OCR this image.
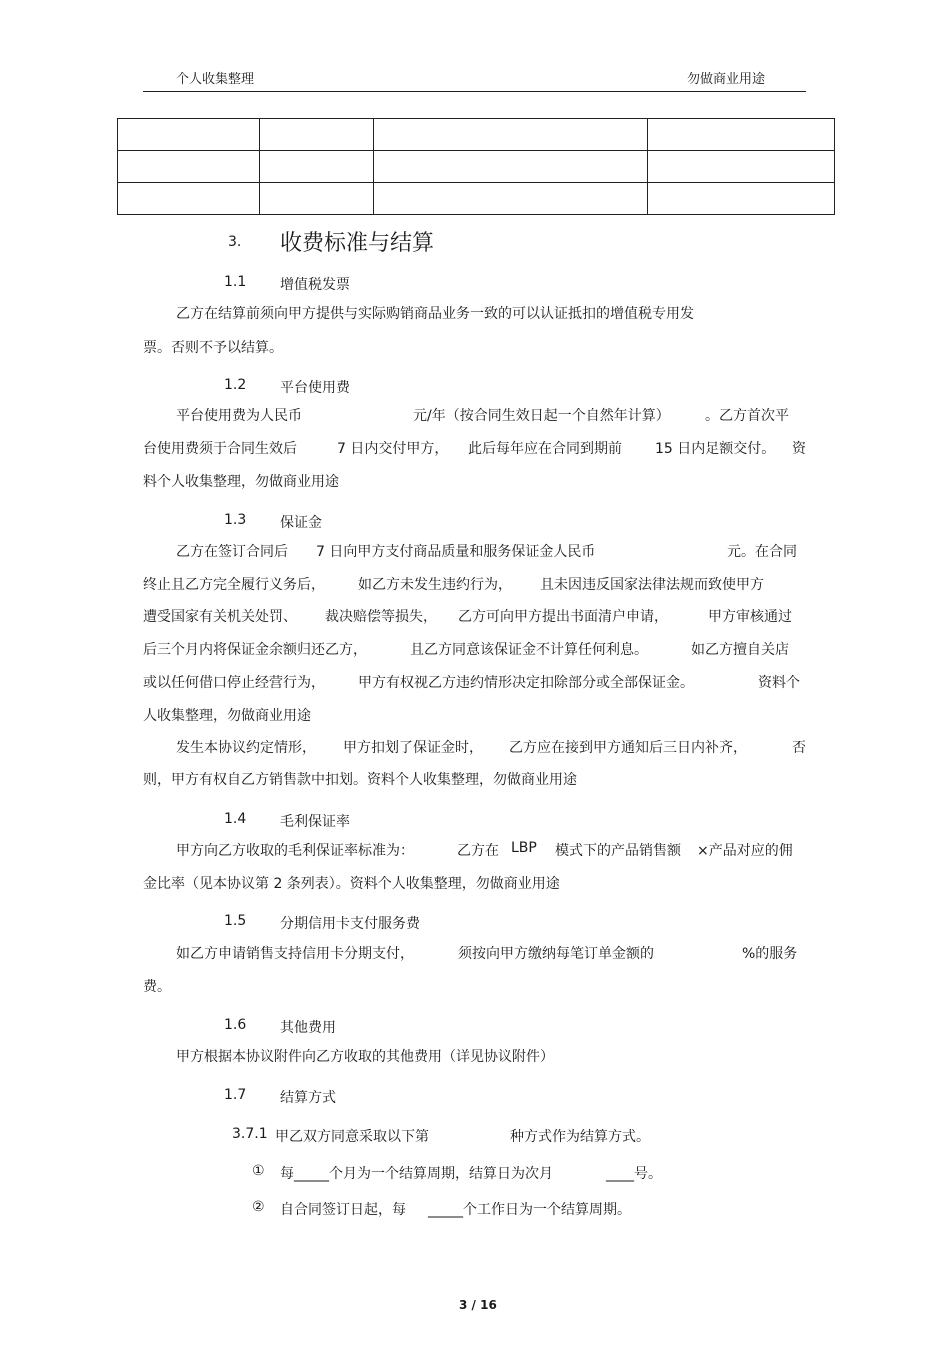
个人收集整理	勿做商业用途

3. 收费标准与结算
1.1 增值税发票
乙方在结算前须向甲方提供与实际购销商品业务一致的可以认证抵扣的增值税专用发
票。否则不予以结算。
1.2 平台使用费
平台使用费为人民币	元/年（按合同生效日起一个自然年计算）	。乙方首次平
台使用费须于合同生效后	7 日内交付甲方， 此后每年应在合同到期前 15 日内足额交付。 资
料个人收集整理，勿做商业用途
1.3 保证金
乙方在签订合同后 7 日向甲方支付商品质量和服务保证金人民币	元。在合同
终止且乙方完全履行义务后， 如乙方未发生违约行为， 且未因违反国家法律法规而致使甲方
遭受国家有关机关处罚、 裁决赔偿等损失， 乙方可向甲方提出书面清户申请，	甲方审核通过
后三个月内将保证金余额归还乙方，	且乙方同意该保证金不计算任何利息。	如乙方擅自关店
或以任何借口停止经营行为， 甲方有权视乙方违约情形决定扣除部分或全部保证金。	资料个
人收集整理，勿做商业用途
发生本协议约定情形， 甲方扣划了保证金时， 乙方应在接到甲方通知后三日内补齐，	否
则，甲方有权自乙方销售款中扣划。资料个人收集整理，勿做商业用途
1.4 毛利保证率
甲方向乙方收取的毛利保证率标准为：	乙方在 LBP 模式下的产品销售额 ×产品对应的佣
金比率（见本协议第 2 条列表）。资料个人收集整理，勿做商业用途
1.5 分期信用卡支付服务费
如乙方申请销售支持信用卡分期支付，	须按向甲方缴纳每笔订单金额的	%的服务
费。
1.6 其他费用
甲方根据本协议附件向乙方收取的其他费用（详见协议附件）
1.7 结算方式
3.7.1 甲乙双方同意采取以下第	种方式作为结算方式。
① 每_____个月为一个结算周期，结算日为次月	____号。
② 自合同签订日起，每 _____个工作日为一个结算周期。
3 / 16
